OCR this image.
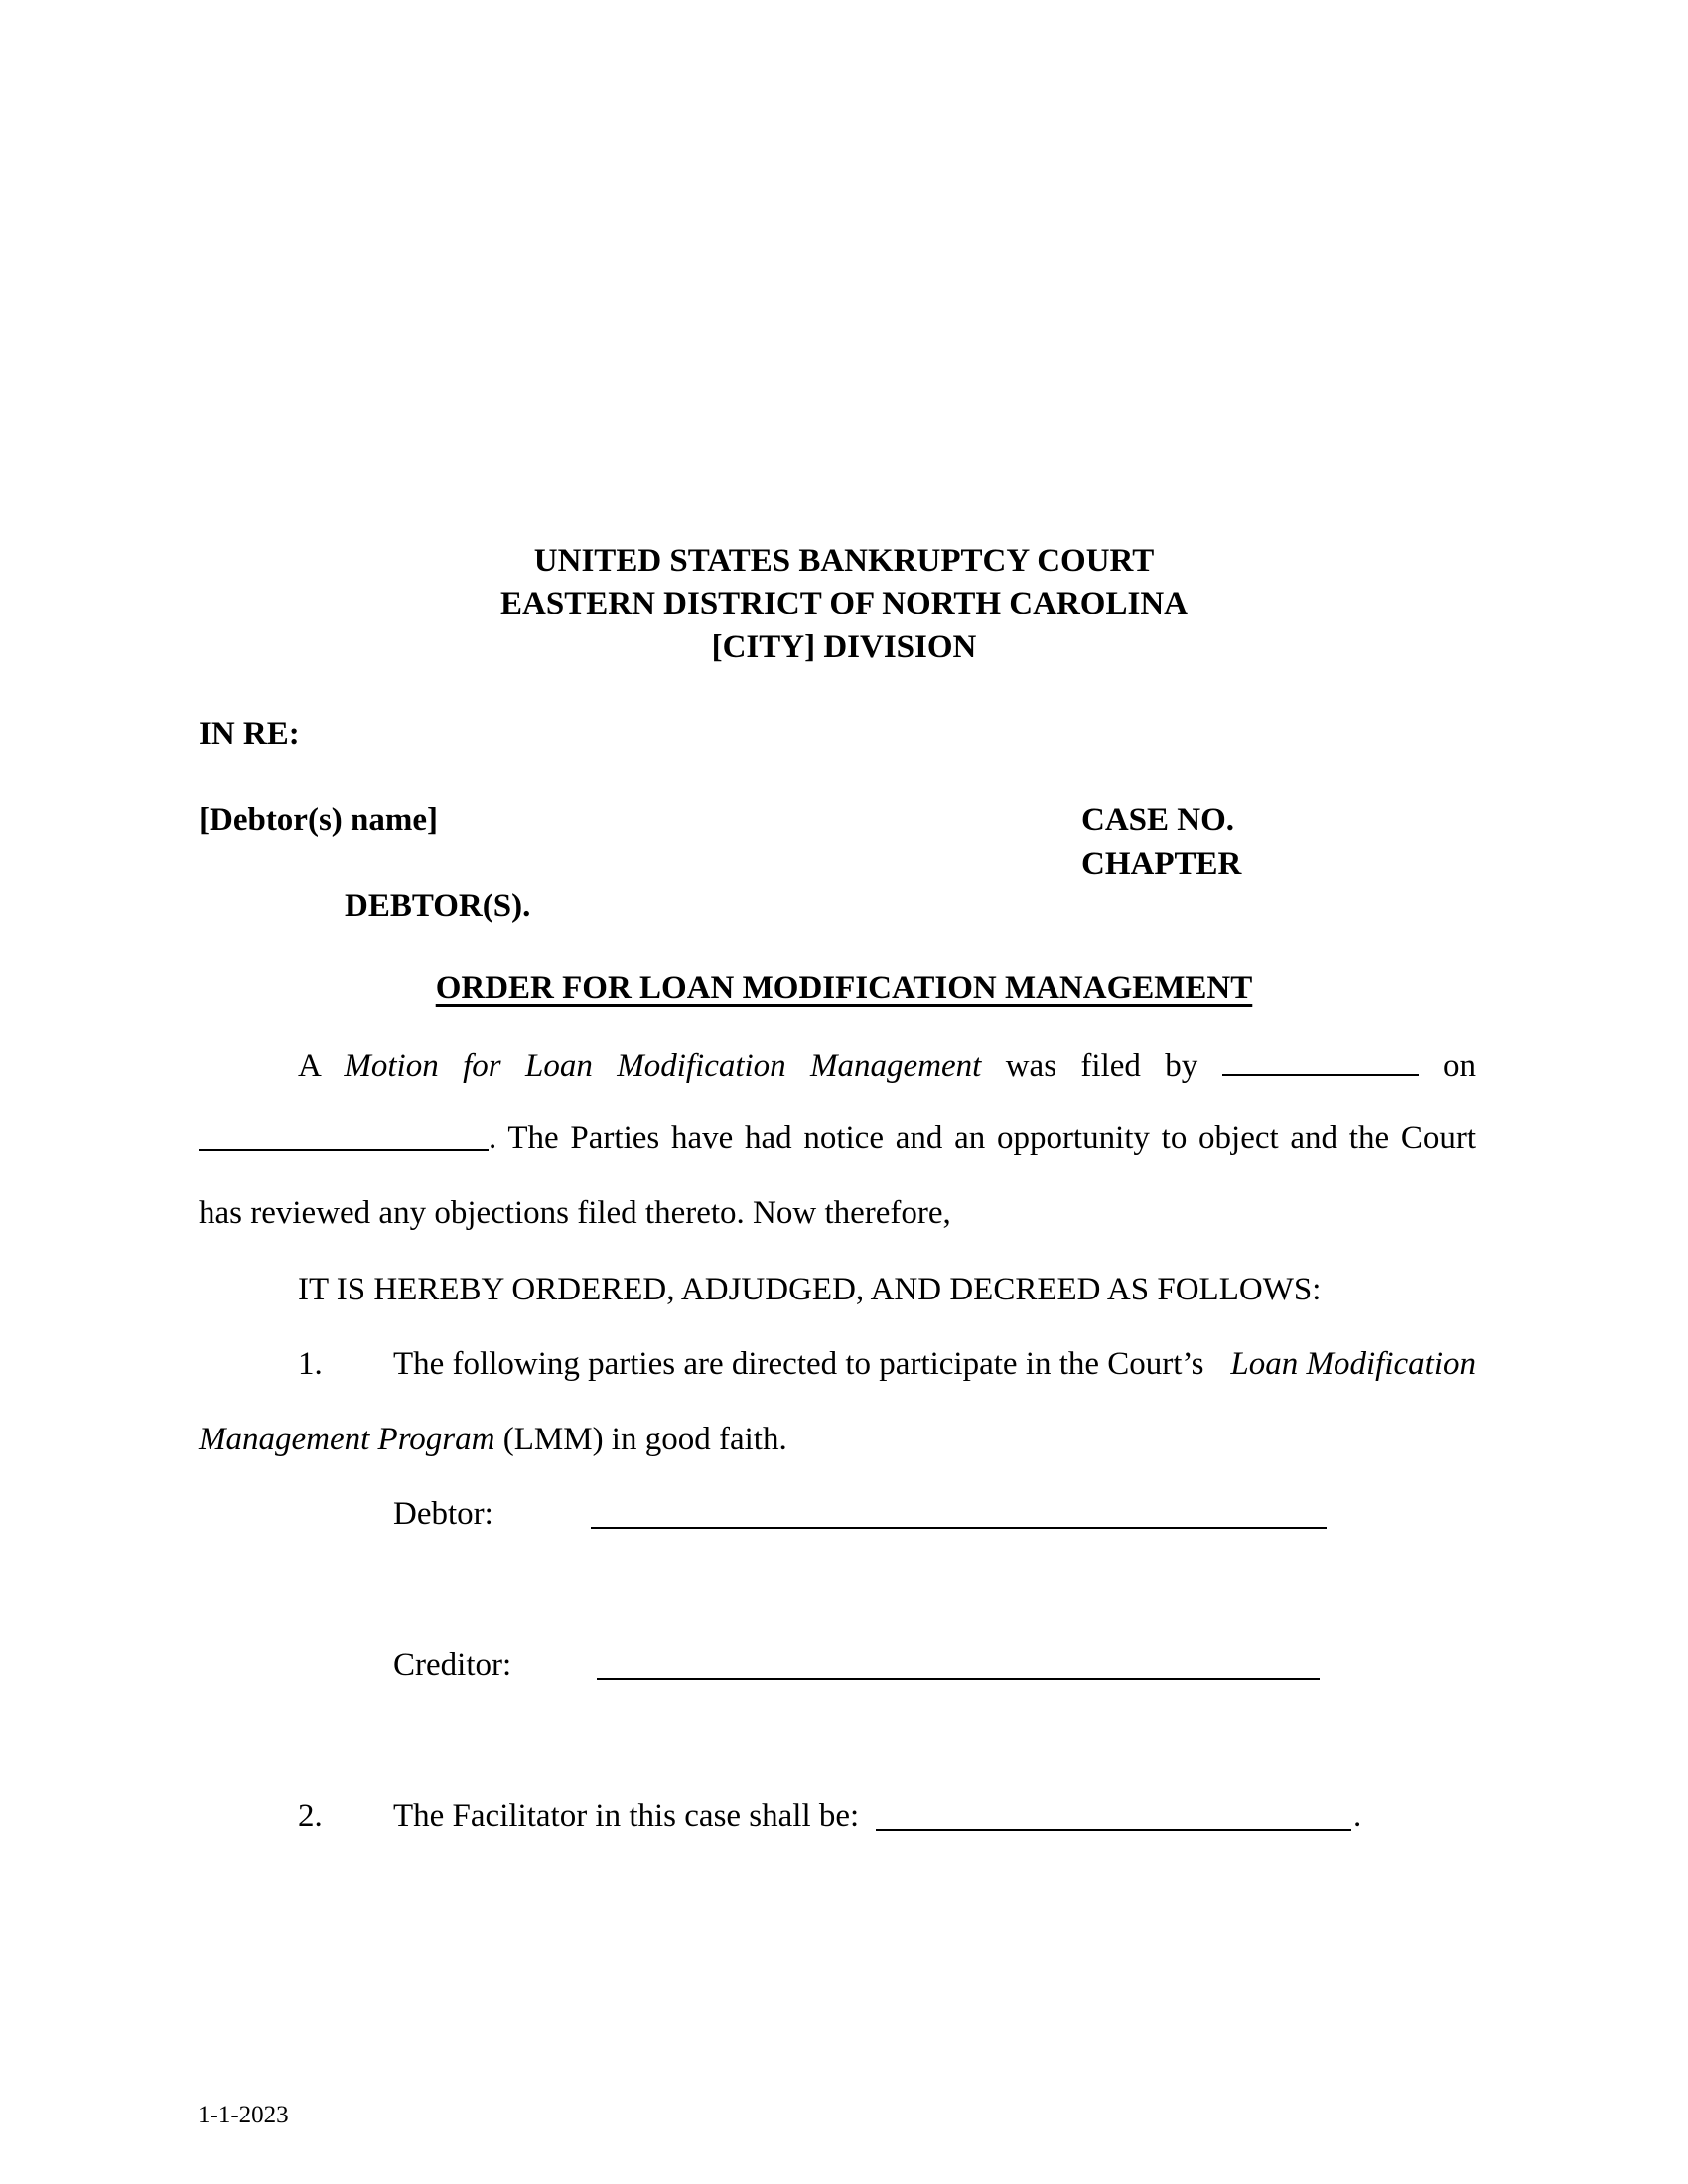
UNITED STATES BANKRUPTCY COURT
EASTERN DISTRICT OF NORTH CAROLINA
[CITY] DIVISION
IN RE:
[Debtor(s) name]	CASE NO.
CHAPTER
DEBTOR(S).
ORDER FOR LOAN MODIFICATION MANAGEMENT
A Motion for Loan Modification Management was filed by	on
. The Parties have had notice and an opportunity to object and the Court
has reviewed any objections filed thereto. Now therefore,
IT IS HEREBY ORDERED, ADJUDGED, AND DECREED AS FOLLOWS:
1. The following parties are directed to participate in the Court’s Loan Modification
Management Program (LMM) in good faith.
Debtor:
Creditor:
2. The Facilitator in this case shall be:	.
1-1-2023
